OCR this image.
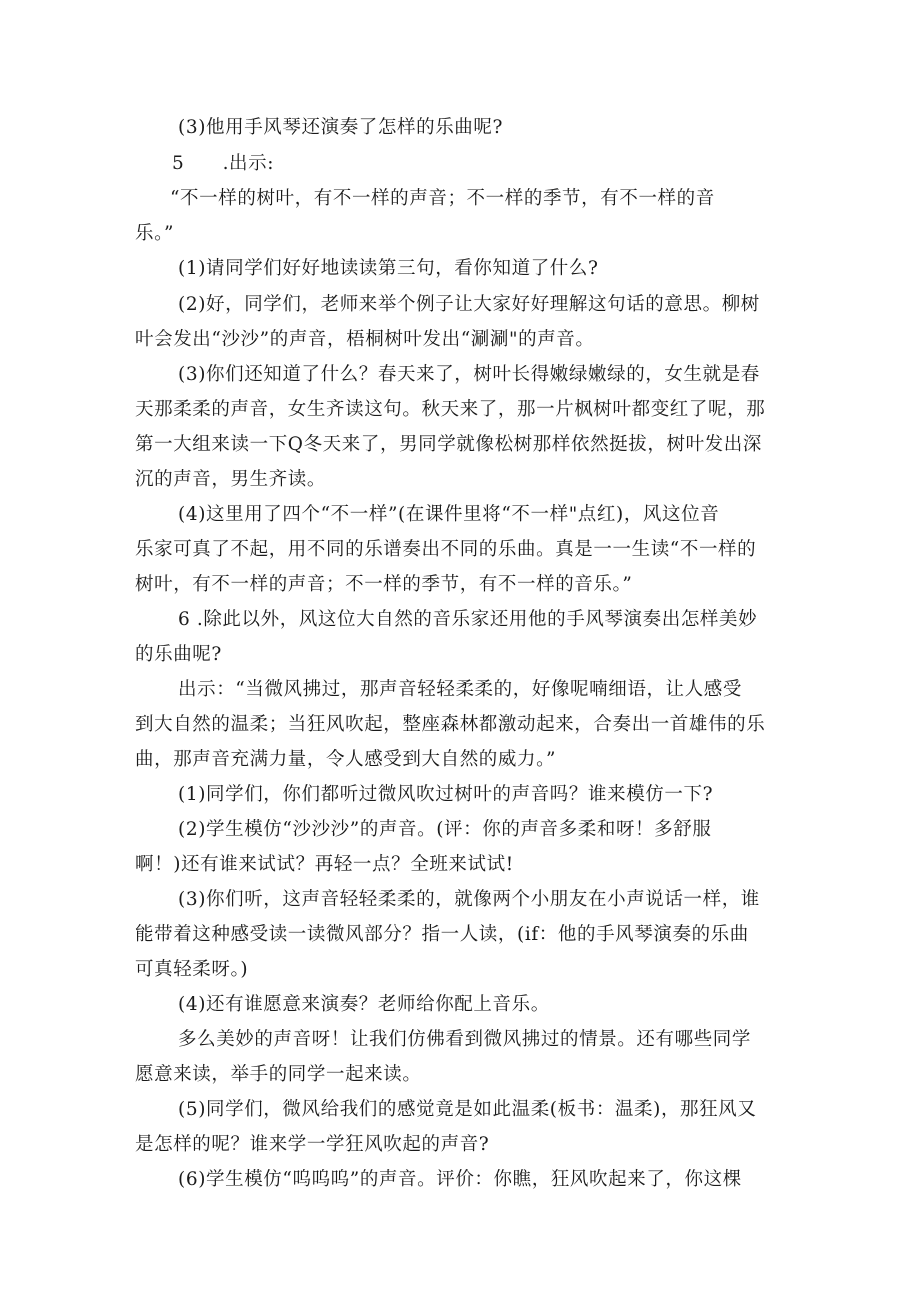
(3)他用手风琴还演奏了怎样的乐曲呢?
5　　.出示:
“不一样的树叶，有不一样的声音；不一样的季节，有不一样的音
乐。”
(1)请同学们好好地读读第三句，看你知道了什么?
(2)好，同学们，老师来举个例子让大家好好理解这句话的意思。柳树
叶会发出“沙沙”的声音，梧桐树叶发出“涮涮"的声音。
(3)你们还知道了什么？春天来了，树叶长得嫩绿嫩绿的，女生就是春
天那柔柔的声音，女生齐读这句。秋天来了，那一片枫树叶都变红了呢，那
第一大组来读一下Q冬天来了，男同学就像松树那样依然挺拔，树叶发出深
沉的声音，男生齐读。
(4)这里用了四个“不一样”(在课件里将“不一样"点红)，风这位音
乐家可真了不起，用不同的乐谱奏出不同的乐曲。真是一一生读“不一样的
树叶，有不一样的声音；不一样的季节，有不一样的音乐。”
6 .除此以外，风这位大自然的音乐家还用他的手风琴演奏出怎样美妙
的乐曲呢?
出示：“当微风拂过，那声音轻轻柔柔的，好像呢喃细语，让人感受
到大自然的温柔；当狂风吹起，整座森林都激动起来，合奏出一首雄伟的乐
曲，那声音充满力量，令人感受到大自然的威力。”
(1)同学们，你们都听过微风吹过树叶的声音吗？谁来模仿一下?
(2)学生模仿“沙沙沙”的声音。(评：你的声音多柔和呀！多舒服
啊！)还有谁来试试？再轻一点？全班来试试!
(3)你们听，这声音轻轻柔柔的，就像两个小朋友在小声说话一样，谁
能带着这种感受读一读微风部分？指一人读，(if：他的手风琴演奏的乐曲
可真轻柔呀。)
(4)还有谁愿意来演奏？老师给你配上音乐。
多么美妙的声音呀！让我们仿佛看到微风拂过的情景。还有哪些同学
愿意来读，举手的同学一起来读。
(5)同学们，微风给我们的感觉竟是如此温柔(板书：温柔)，那狂风又
是怎样的呢？谁来学一学狂风吹起的声音?
(6)学生模仿“呜呜呜”的声音。评价：你瞧，狂风吹起来了，你这棵
